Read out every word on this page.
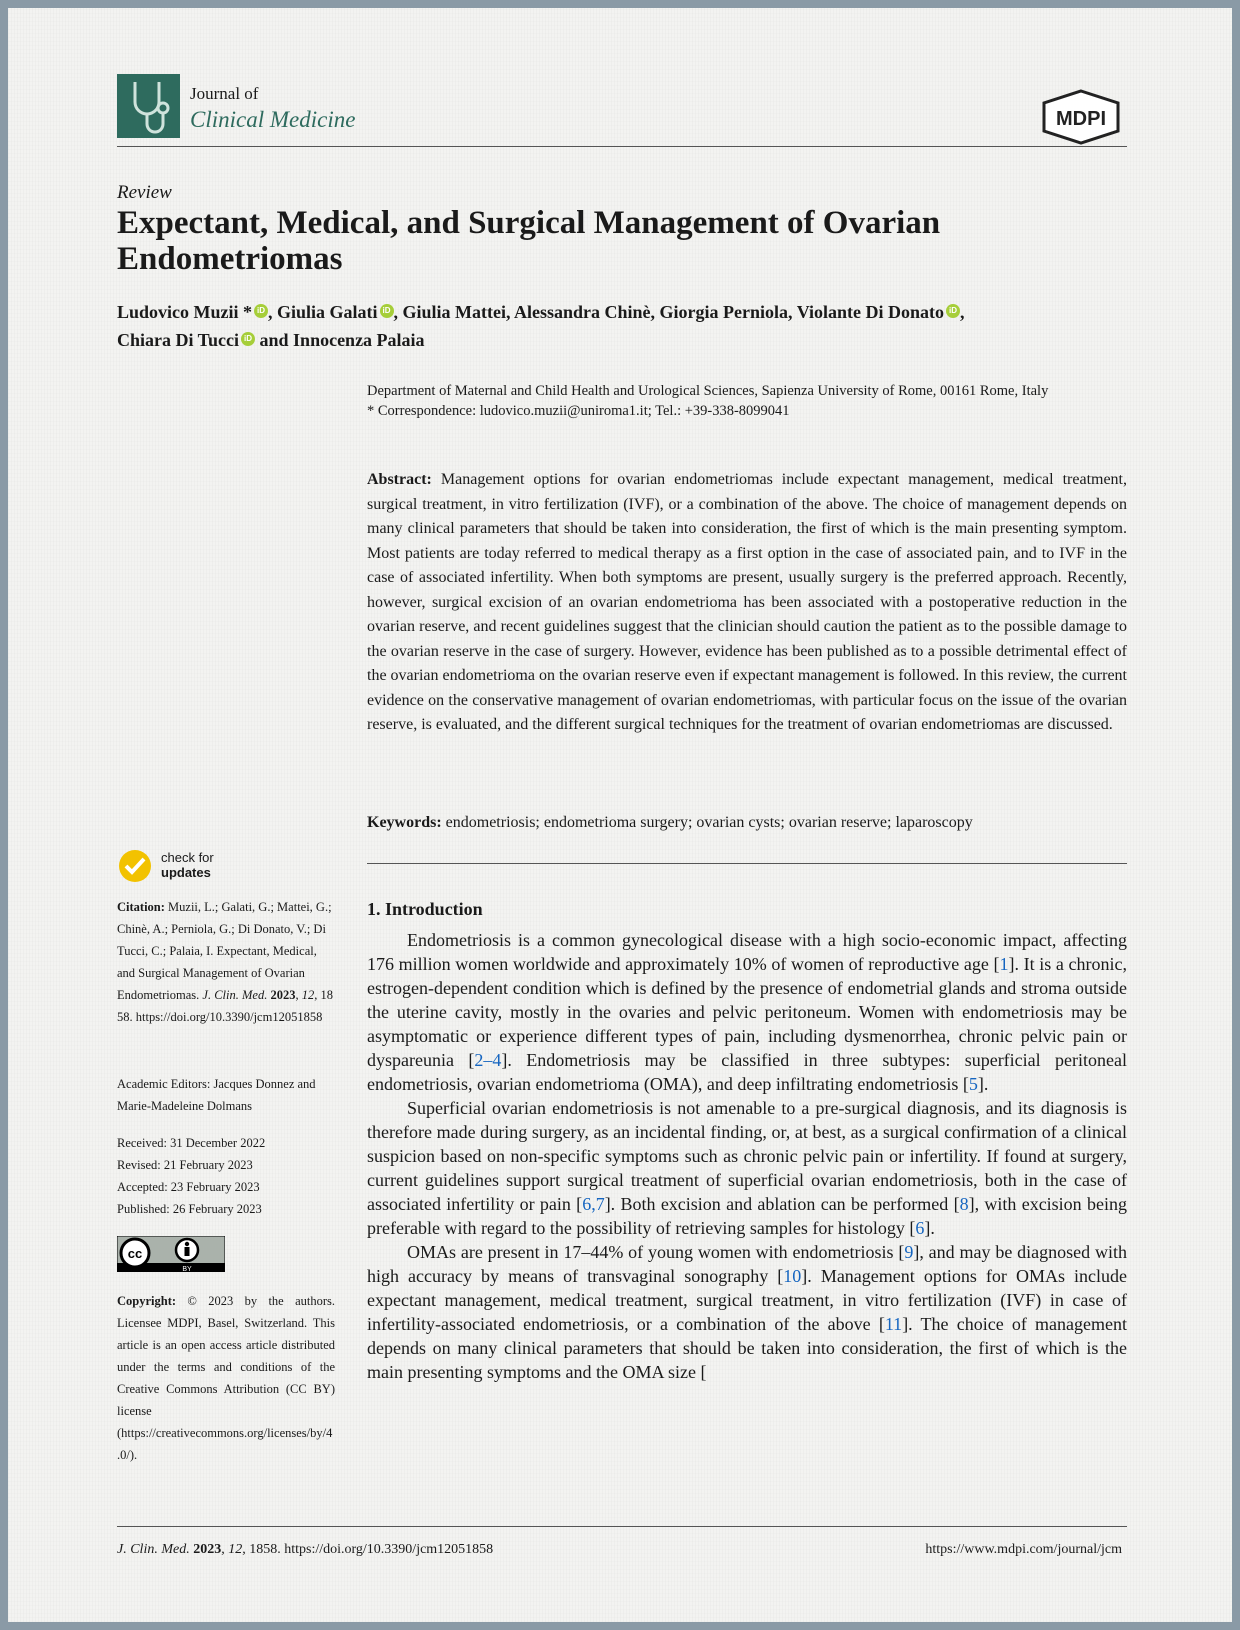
Journal of
Clinical Medicine	MDPI
Review
Expectant, Medical, and Surgical Management of Ovarian Endometriomas
Ludovico Muzii * iD , Giulia Galati iD , Giulia Mattei, Alessandra Chinè, Giorgia Perniola, Violante Di Donato iD ,
Chiara Di Tucci iD and Innocenza Palaia
Department of Maternal and Child Health and Urological Sciences, Sapienza University of Rome, 00161 Rome, Italy
* Correspondence: ludovico.muzii@uniroma1.it; Tel.: +39-338-8099041
Abstract: Management options for ovarian endometriomas include expectant management, medical treatment, surgical treatment, in vitro fertilization (IVF), or a combination of the above. The choice of management depends on many clinical parameters that should be taken into consideration, the first of which is the main presenting symptom. Most patients are today referred to medical therapy as a first option in the case of associated pain, and to IVF in the case of associated infertility. When both symptoms are present, usually surgery is the preferred approach. Recently, however, surgical excision of an ovarian endometrioma has been associated with a postoperative reduction in the ovarian reserve, and recent guidelines suggest that the clinician should caution the patient as to the possible damage to the ovarian reserve in the case of surgery. However, evidence has been published as to a possible detrimental effect of the ovarian endometrioma on the ovarian reserve even if expectant management is followed. In this review, the current evidence on the conservative management of ovarian endometriomas, with particular focus on the issue of the ovarian reserve, is evaluated, and the different surgical techniques for the treatment of ovarian endometriomas are discussed.
Keywords: endometriosis; endometrioma surgery; ovarian cysts; ovarian reserve; laparoscopy
1. Introduction

Endometriosis is a common gynecological disease with a high socio-economic impact, affecting 176 million women worldwide and approximately 10% of women of reproductive age [1]. It is a chronic, estrogen-dependent condition which is defined by the presence of endometrial glands and stroma outside the uterine cavity, mostly in the ovaries and pelvic peritoneum. Women with endometriosis may be asymptomatic or experience different types of pain, including dysmenorrhea, chronic pelvic pain or dyspareunia [2–4]. Endometriosis may be classified in three subtypes: superficial peritoneal endometriosis, ovarian endometrioma (OMA), and deep infiltrating endometriosis [5].

Superficial ovarian endometriosis is not amenable to a pre-surgical diagnosis, and its diagnosis is therefore made during surgery, as an incidental finding, or, at best, as a surgical confirmation of a clinical suspicion based on non-specific symptoms such as chronic pelvic pain or infertility. If found at surgery, current guidelines support surgical treatment of superficial ovarian endometriosis, both in the case of associated infertility or pain [6,7]. Both excision and ablation can be performed [8], with excision being preferable with regard to the possibility of retrieving samples for histology [6].

OMAs are present in 17–44% of young women with endometriosis [9], and may be diagnosed with high accuracy by means of transvaginal sonography [10]. Management options for OMAs include expectant management, medical treatment, surgical treatment, in vitro fertilization (IVF) in case of infertility-associated endometriosis, or a combination of the above [11]. The choice of management depends on many clinical parameters that should be taken into consideration, the first of which is the main presenting symptoms and the OMA size [

check for
updates
Citation: Muzii, L.; Galati, G.; Mattei, G.; Chinè, A.; Perniola, G.; Di Donato, V.; Di Tucci, C.; Palaia, I. Expectant, Medical, and Surgical Management of Ovarian Endometriomas. J. Clin. Med. 2023, 12, 1858. https://doi.org/10.3390/jcm12051858
Academic Editors: Jacques Donnez and Marie-Madeleine Dolmans
Received: 31 December 2022
Revised: 21 February 2023
Accepted: 23 February 2023
Published: 26 February 2023
cc
BY
Copyright: © 2023 by the authors. Licensee MDPI, Basel, Switzerland. This article is an open access article distributed under the terms and conditions of the Creative Commons Attribution (CC BY) license (https://creativecommons.org/licenses/by/4.0/).
J. Clin. Med. 2023, 12, 1858. https://doi.org/10.3390/jcm12051858	https://www.mdpi.com/journal/jcm
